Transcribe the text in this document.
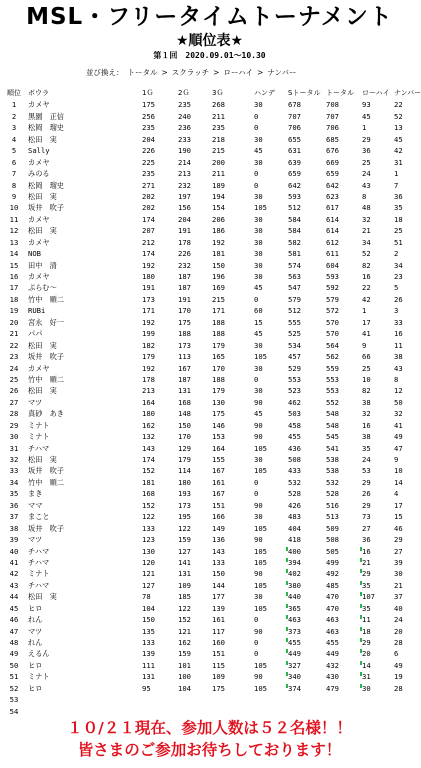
MSL・フリータイムトーナメント
★順位表★
第１回　2020.09.01〜10.30
並び換え： トータル > スクラッチ > ローハイ > ナンバー
順位	ボウラ	1Ｇ	2Ｇ	3Ｇ	ハンデ Sトータル トータル ローハイ ナンバー
1	カメヤ	175	235	268	30	678	708	93	22
2	黒園　正信	256	240	211	0	707	707	45	52
3	松岡　瑠史	235	236	235	0	706	706	1	13
4	松田　実	204	233	218	30	655	685	29	45
5	Sally	226	190	215	45	631	676	36	42
6	カメヤ	225	214	200	30	639	669	25	31
7	みのる	235	213	211	0	659	659	24	1
8	松岡　瑠史	271	232	189	0	642	642	43	7
9	松田　実	202	197	194	30	593	623	8	36
10	坂井　吹子	202	156	154	105	512	617	48	35
11	カメヤ	174	204	206	30	584	614	32	18
12	松田　実	207	191	186	30	584	614	21	25
13	カメヤ	212	178	192	30	582	612	34	51
14	NOB	174	226	181	30	581	611	52	2
15	田中　清	192	232	150	30	574	604	82	34
16	カメヤ	180	187	196	30	563	593	16	23
17	ぷらむ～	191	187	169	45	547	592	22	5
18	竹中　順二	173	191	215	0	579	579	42	26
19	RUBi	171	170	171	60	512	572	1	3
20	宮永　好一	192	175	188	15	555	570	17	33
21	パパ	199	188	188	45	525	570	41	16
22	松田　実	182	173	179	30	534	564	9	11
23	坂井　吹子	179	113	165	105	457	562	66	38
24	カメヤ	192	167	170	30	529	559	25	43
25	竹中　順二	178	187	188	0	553	553	10	8
26	松田　実	213	131	179	30	523	553	82	12
27	マツ	164	168	130	90	462	552	38	50
28	真砂　あき	180	148	175	45	503	548	32	32
29	ミナト	162	150	146	90	458	548	16	41
30	ミナト	132	170	153	90	455	545	38	49
31	チハマ	143	129	164	105	436	541	35	47
32	松田　実	174	179	155	30	508	538	24	9
33	坂井　吹子	152	114	167	105	433	538	53	10
34	竹中　順二	181	180	161	0	532	532	29	14
35	まき	168	193	167	0	528	528	26	4
36	ママ	152	173	151	90	426	516	29	17
37	まこと	122	195	166	30	483	513	73	15
38	坂井　吹子	133	122	149	105	404	509	27	46
39	マツ	123	159	136	90	418	508	36	29
40	チハマ	130	127	143	105	400	505	16	27
41	チハマ	120	141	133	105	394	499	21	39
42	ミナト	121	131	150	90	402	492	29	30
43	チハマ	127	109	144	105	380	485	35	21
44	松田　実	78	185	177	30	440	470	107	37
45	ヒロ	104	122	139	105	365	470	35	40
46	れん	150	152	161	0	463	463	11	24
47	マツ	135	121	117	90	373	463	18	20
48	れん	133	162	160	0	455	455	29	28
49	えるん	139	159	151	0	449	449	20	6
50	ヒロ	111	101	115	105	327	432	14	49
51	ミナト	131	100	109	90	340	430	31	19
52	ヒロ	95	104	175	105	374	479	30	28
53
54
１０/２１現在、参加人数は５２名様！！
皆さまのご参加お待ちしております！
